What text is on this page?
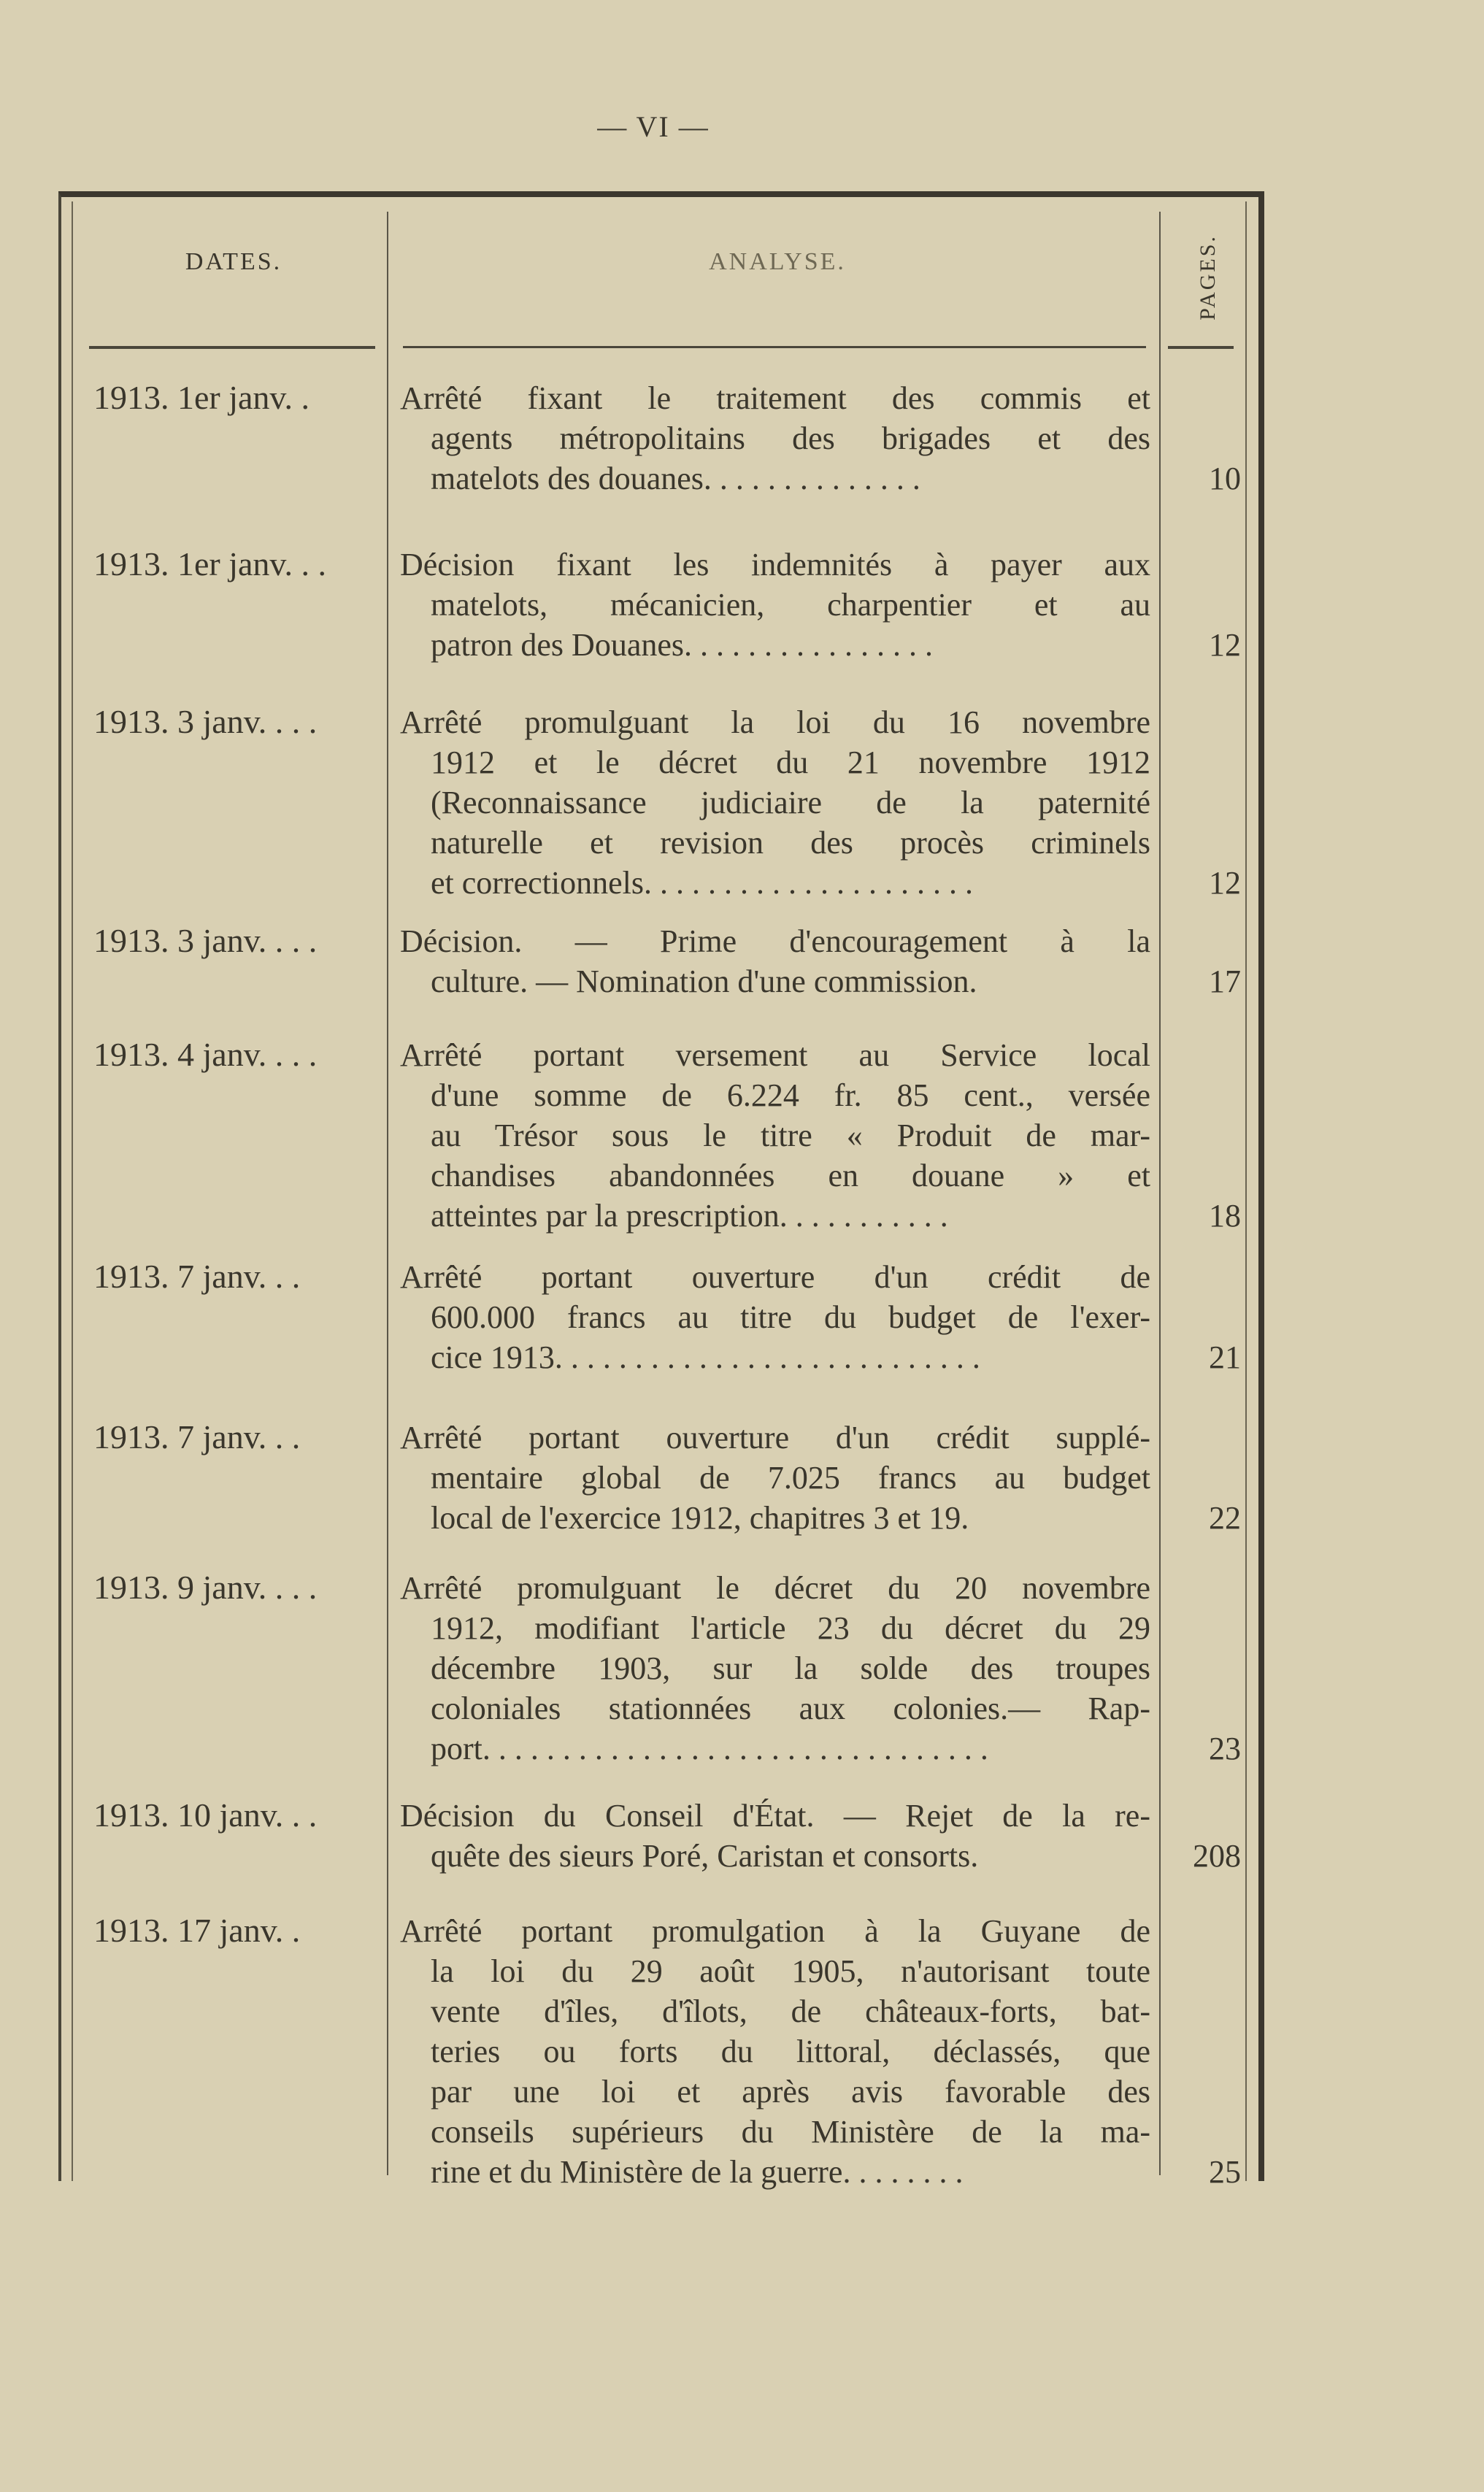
— VI —
DATES.	ANALYSE.	PAGES.
1913. 1er janv. .	Arrêté fixant le traitement des commis et
agents métropolitains des brigades et des
matelots des douanes. . . . . . . . . . . . . .	10
1913. 1er janv. . .	Décision fixant les indemnités à payer aux
matelots, mécanicien, charpentier et au
patron des Douanes. . . . . . . . . . . . . . . .	12
1913. 3 janv. . . .	Arrêté promulguant la loi du 16 novembre
1912 et le décret du 21 novembre 1912
(Reconnaissance judiciaire de la paternité
naturelle et revision des procès criminels
et correctionnels. . . . . . . . . . . . . . . . . . . . .	12
1913. 3 janv. . . .	Décision. — Prime d'encouragement à la
culture. — Nomination d'une commission.	17
1913. 4 janv. . . .	Arrêté portant versement au Service local
d'une somme de 6.224 fr. 85 cent., versée
au Trésor sous le titre « Produit de mar-
chandises abandonnées en douane » et
atteintes par la prescription. . . . . . . . . . .	18
1913. 7 janv. . .	Arrêté portant ouverture d'un crédit de
600.000 francs au titre du budget de l'exer-
cice 1913. . . . . . . . . . . . . . . . . . . . . . . . . . .	21
1913. 7 janv. . .	Arrêté portant ouverture d'un crédit supplé-
mentaire global de 7.025 francs au budget
local de l'exercice 1912, chapitres 3 et 19.	22
1913. 9 janv. . . .	Arrêté promulguant le décret du 20 novembre
1912, modifiant l'article 23 du décret du 29
décembre 1903, sur la solde des troupes
coloniales stationnées aux colonies.— Rap-
port. . . . . . . . . . . . . . . . . . . . . . . . . . . . . . . .	23
1913. 10 janv. . .	Décision du Conseil d'État. — Rejet de la re-
quête des sieurs Poré, Caristan et consorts.	208
1913. 17 janv. .	Arrêté portant promulgation à la Guyane de
la loi du 29 août 1905, n'autorisant toute
vente d'îles, d'îlots, de châteaux-forts, bat-
teries ou forts du littoral, déclassés, que
par une loi et après avis favorable des
conseils supérieurs du Ministère de la ma-
rine et du Ministère de la guerre. . . . . . . .	25
